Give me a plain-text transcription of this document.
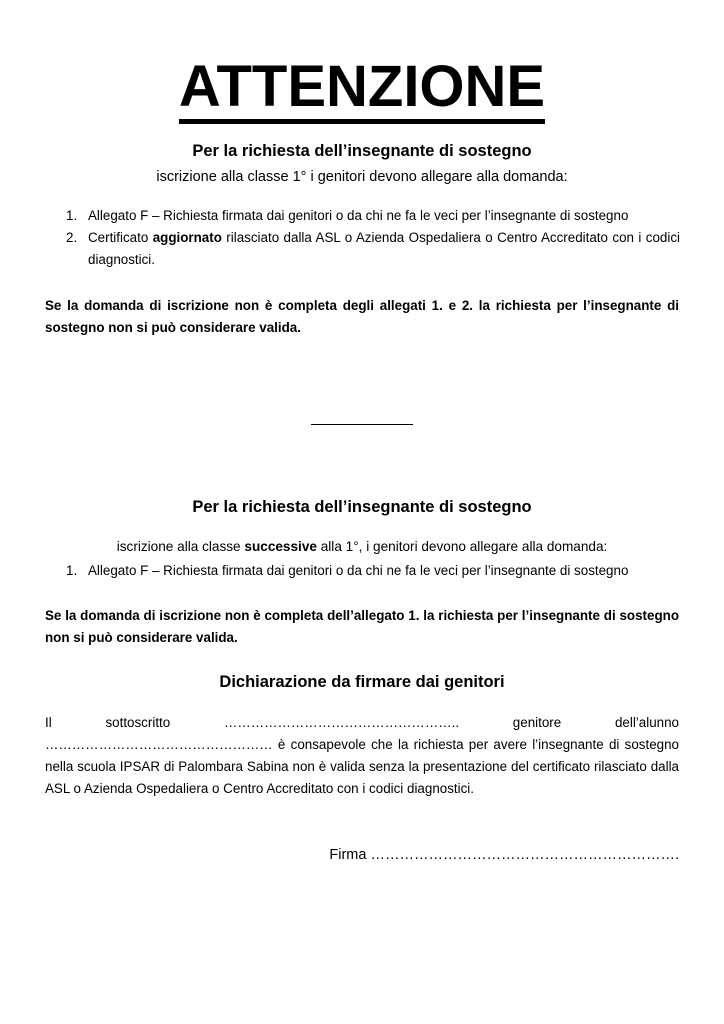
ATTENZIONE
Per la richiesta dell’insegnante di sostegno
iscrizione alla classe 1° i genitori devono allegare alla domanda:
1. Allegato F – Richiesta firmata dai genitori o da chi ne fa le veci per l’insegnante di sostegno
2. Certificato aggiornato rilasciato dalla ASL o Azienda Ospedaliera o Centro Accreditato con i codici diagnostici.
Se la domanda di iscrizione non è completa degli allegati 1. e 2. la richiesta per l’insegnante di sostegno non si può considerare valida.
Per la richiesta dell’insegnante di sostegno
iscrizione alla classe successive alla 1°, i genitori devono allegare alla domanda:
1. Allegato F – Richiesta firmata dai genitori o da chi ne fa le veci per l’insegnante di sostegno
Se la domanda di iscrizione non è completa dell’allegato 1. la richiesta per l’insegnante di sostegno non si può considerare valida.
Dichiarazione da firmare dai genitori
Il sottoscritto …………………………………………….. genitore dell’alunno …………………………………………… è consapevole che la richiesta per avere l’insegnante di sostegno nella scuola IPSAR di Palombara Sabina non è valida senza la presentazione del certificato rilasciato dalla ASL o Azienda Ospedaliera o Centro Accreditato con i codici diagnostici.
Firma ……………………………………………………….
